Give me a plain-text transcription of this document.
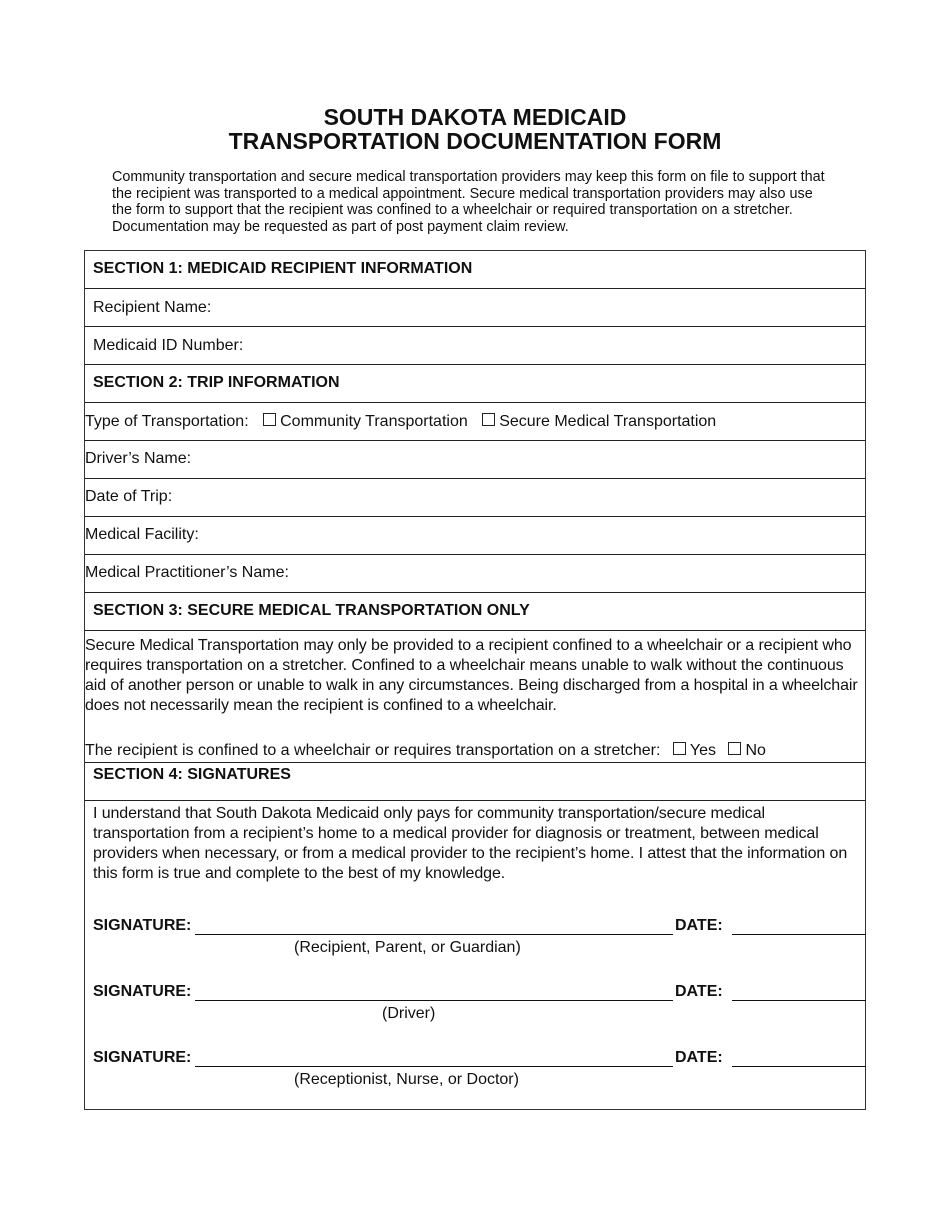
SOUTH DAKOTA MEDICAID
TRANSPORTATION DOCUMENTATION FORM
Community transportation and secure medical transportation providers may keep this form on file to support that the recipient was transported to a medical appointment. Secure medical transportation providers may also use the form to support that the recipient was confined to a wheelchair or required transportation on a stretcher. Documentation may be requested as part of post payment claim review.
SECTION 1: MEDICAID RECIPIENT INFORMATION
Recipient Name:
Medicaid ID Number:
SECTION 2: TRIP INFORMATION
Type of Transportation: Community Transportation Secure Medical Transportation
Driver’s Name:
Date of Trip:
Medical Facility:
Medical Practitioner’s Name:
SECTION 3: SECURE MEDICAL TRANSPORTATION ONLY
Secure Medical Transportation may only be provided to a recipient confined to a wheelchair or a recipient who requires transportation on a stretcher. Confined to a wheelchair means unable to walk without the continuous aid of another person or unable to walk in any circumstances. Being discharged from a hospital in a wheelchair does not necessarily mean the recipient is confined to a wheelchair.
The recipient is confined to a wheelchair or requires transportation on a stretcher: Yes No
SECTION 4: SIGNATURES
I understand that South Dakota Medicaid only pays for community transportation/secure medical transportation from a recipient’s home to a medical provider for diagnosis or treatment, between medical providers when necessary, or from a medical provider to the recipient’s home. I attest that the information on this form is true and complete to the best of my knowledge.
SIGNATURE:	DATE:
(Recipient, Parent, or Guardian)
SIGNATURE:	DATE:
(Driver)
SIGNATURE:	DATE:
(Receptionist, Nurse, or Doctor)
